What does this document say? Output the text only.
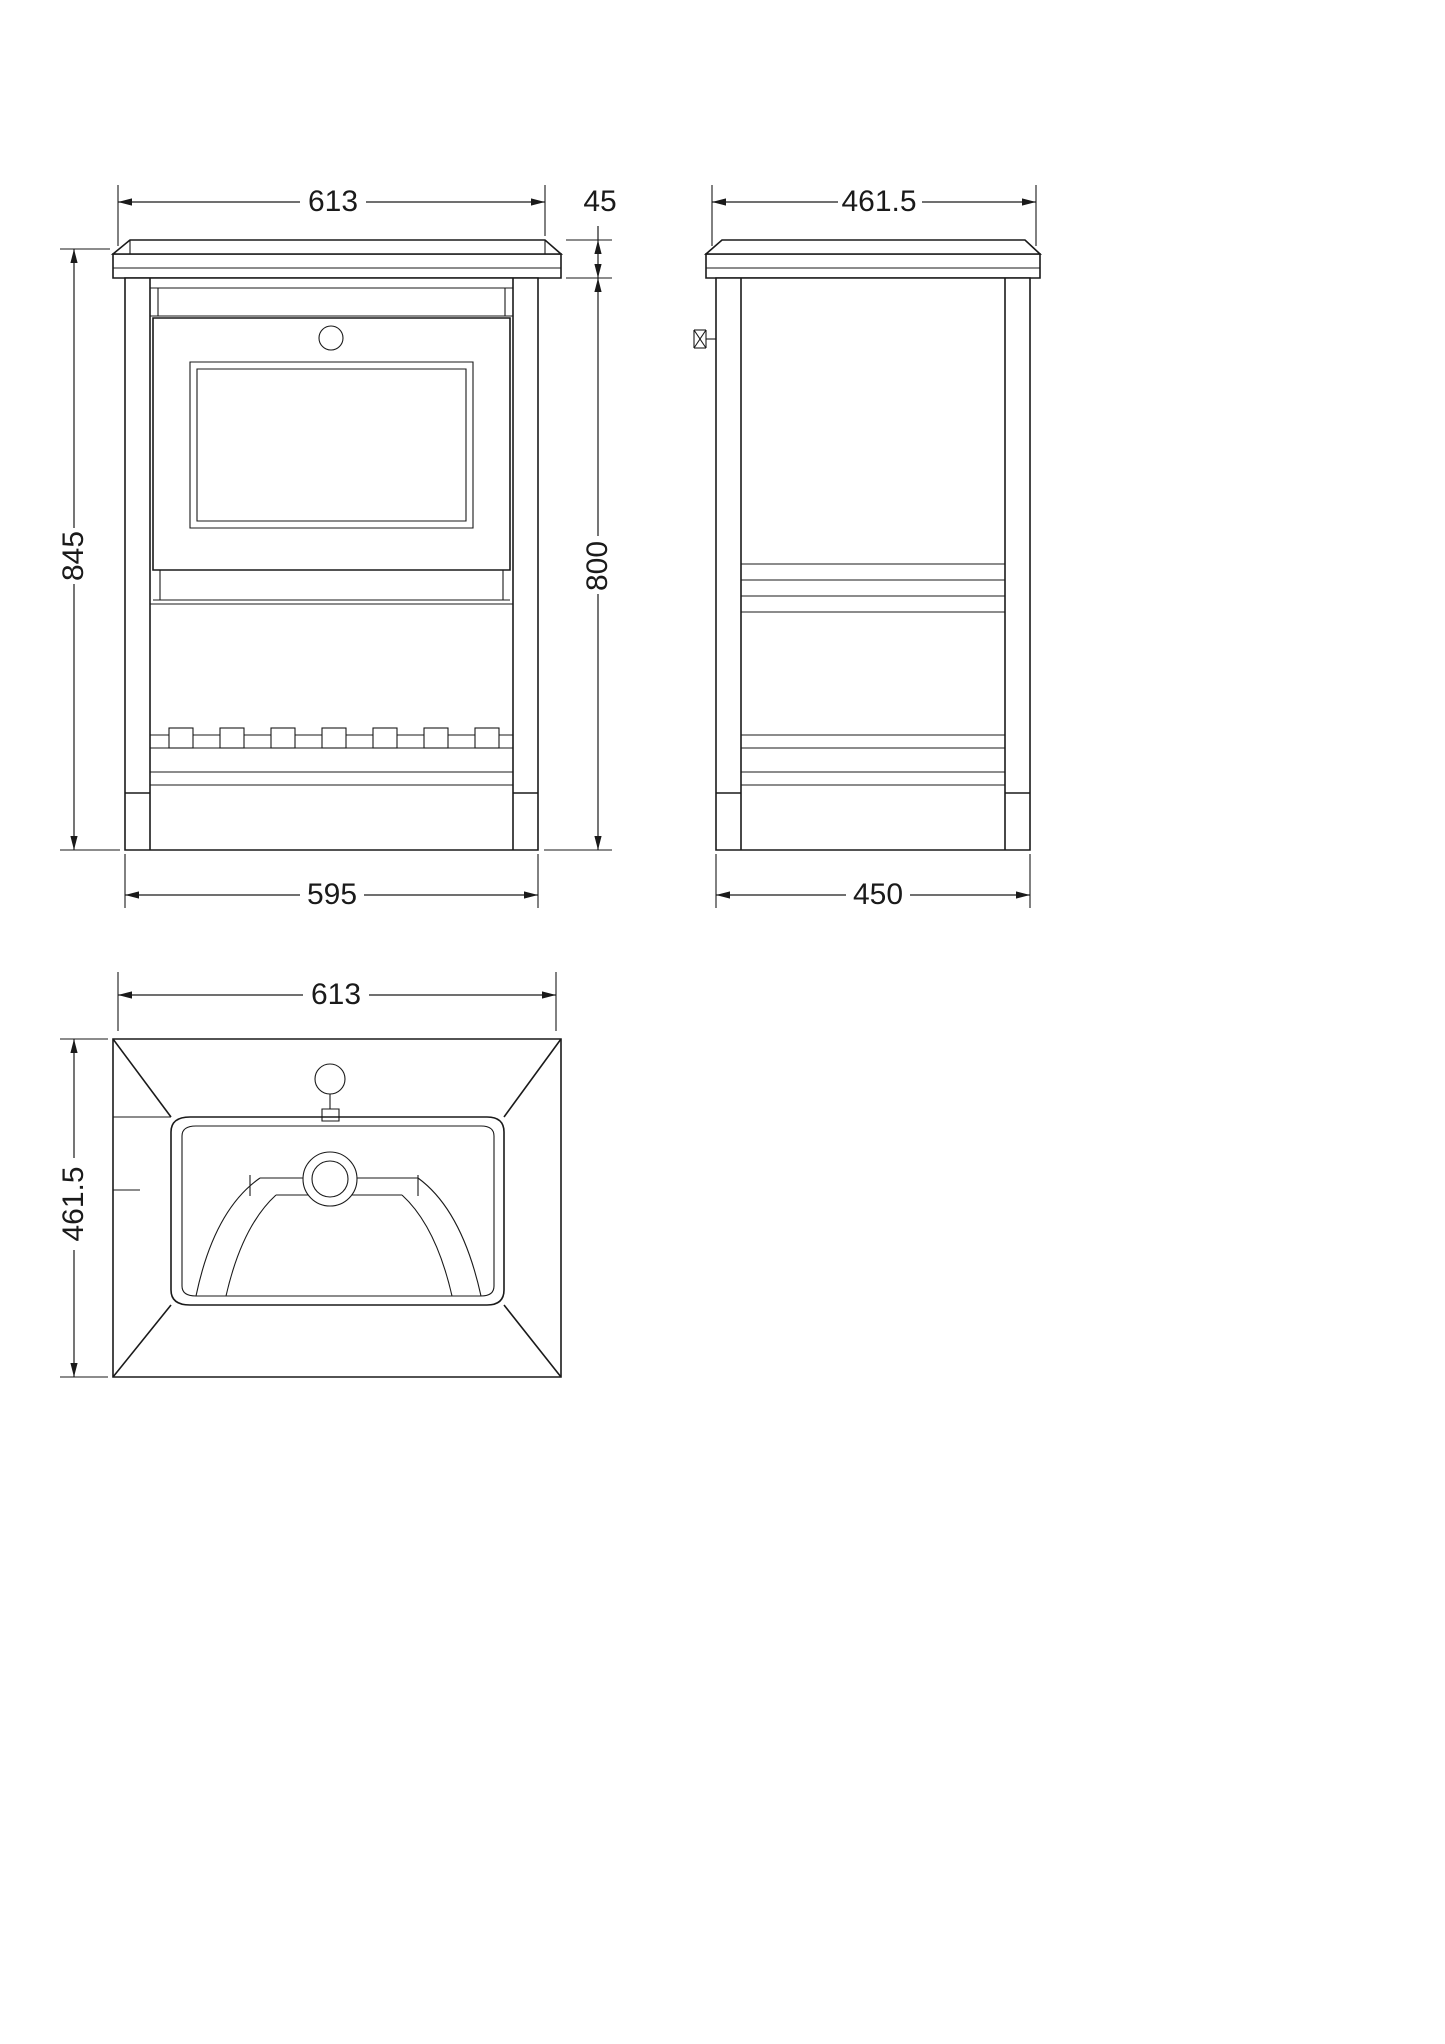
613	45
845	800
595
461.5
450
613
461.5
